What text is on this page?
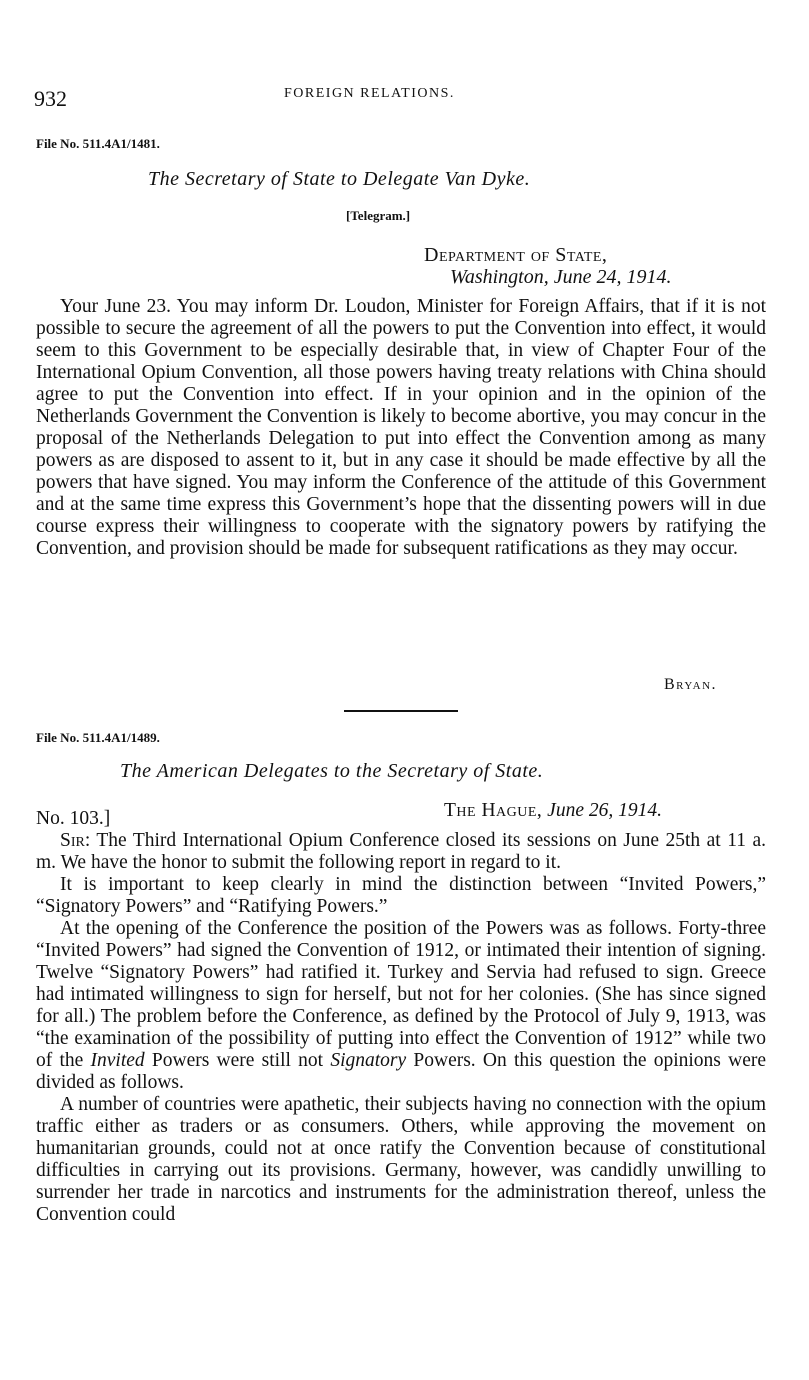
932	FOREIGN RELATIONS.
File No. 511.4A1/1481.
The Secretary of State to Delegate Van Dyke.
[Telegram.]
Department of State,
Washington, June 24, 1914.

Your June 23. You may inform Dr. Loudon, Minister for Foreign Affairs, that if it is not possible to secure the agreement of all the powers to put the Convention into effect, it would seem to this Government to be especially desirable that, in view of Chapter Four of the International Opium Convention, all those powers having treaty relations with China should agree to put the Convention into effect. If in your opinion and in the opinion of the Netherlands Government the Convention is likely to become abortive, you may concur in the proposal of the Netherlands Delegation to put into effect the Convention among as many powers as are disposed to assent to it, but in any case it should be made effective by all the powers that have signed. You may inform the Conference of the attitude of this Government and at the same time express this Government’s hope that the dissenting powers will in due course express their willingness to cooperate with the signatory powers by ratifying the Convention, and provision should be made for subsequent ratifications as they may occur.

Bryan.
File No. 511.4A1/1489.
The American Delegates to the Secretary of State.
No. 103.]	The Hague, June 26, 1914.

Sir: The Third International Opium Conference closed its sessions on June 25th at 11 a. m. We have the honor to submit the following report in regard to it.

It is important to keep clearly in mind the distinction between “Invited Powers,” “Signatory Powers” and “Ratifying Powers.”

At the opening of the Conference the position of the Powers was as follows. Forty-three “Invited Powers” had signed the Convention of 1912, or intimated their intention of signing. Twelve “Signatory Powers” had ratified it. Turkey and Servia had refused to sign. Greece had intimated willingness to sign for herself, but not for her colonies. (She has since signed for all.) The problem before the Conference, as defined by the Protocol of July 9, 1913, was “the examination of the possibility of putting into effect the Convention of 1912” while two of the Invited Powers were still not Signatory Powers. On this question the opinions were divided as follows.

A number of countries were apathetic, their subjects having no connection with the opium traffic either as traders or as consumers. Others, while approving the movement on humanitarian grounds, could not at once ratify the Convention because of constitutional difficulties in carrying out its provisions. Germany, however, was candidly unwilling to surrender her trade in narcotics and instruments for the administration thereof, unless the Convention could
